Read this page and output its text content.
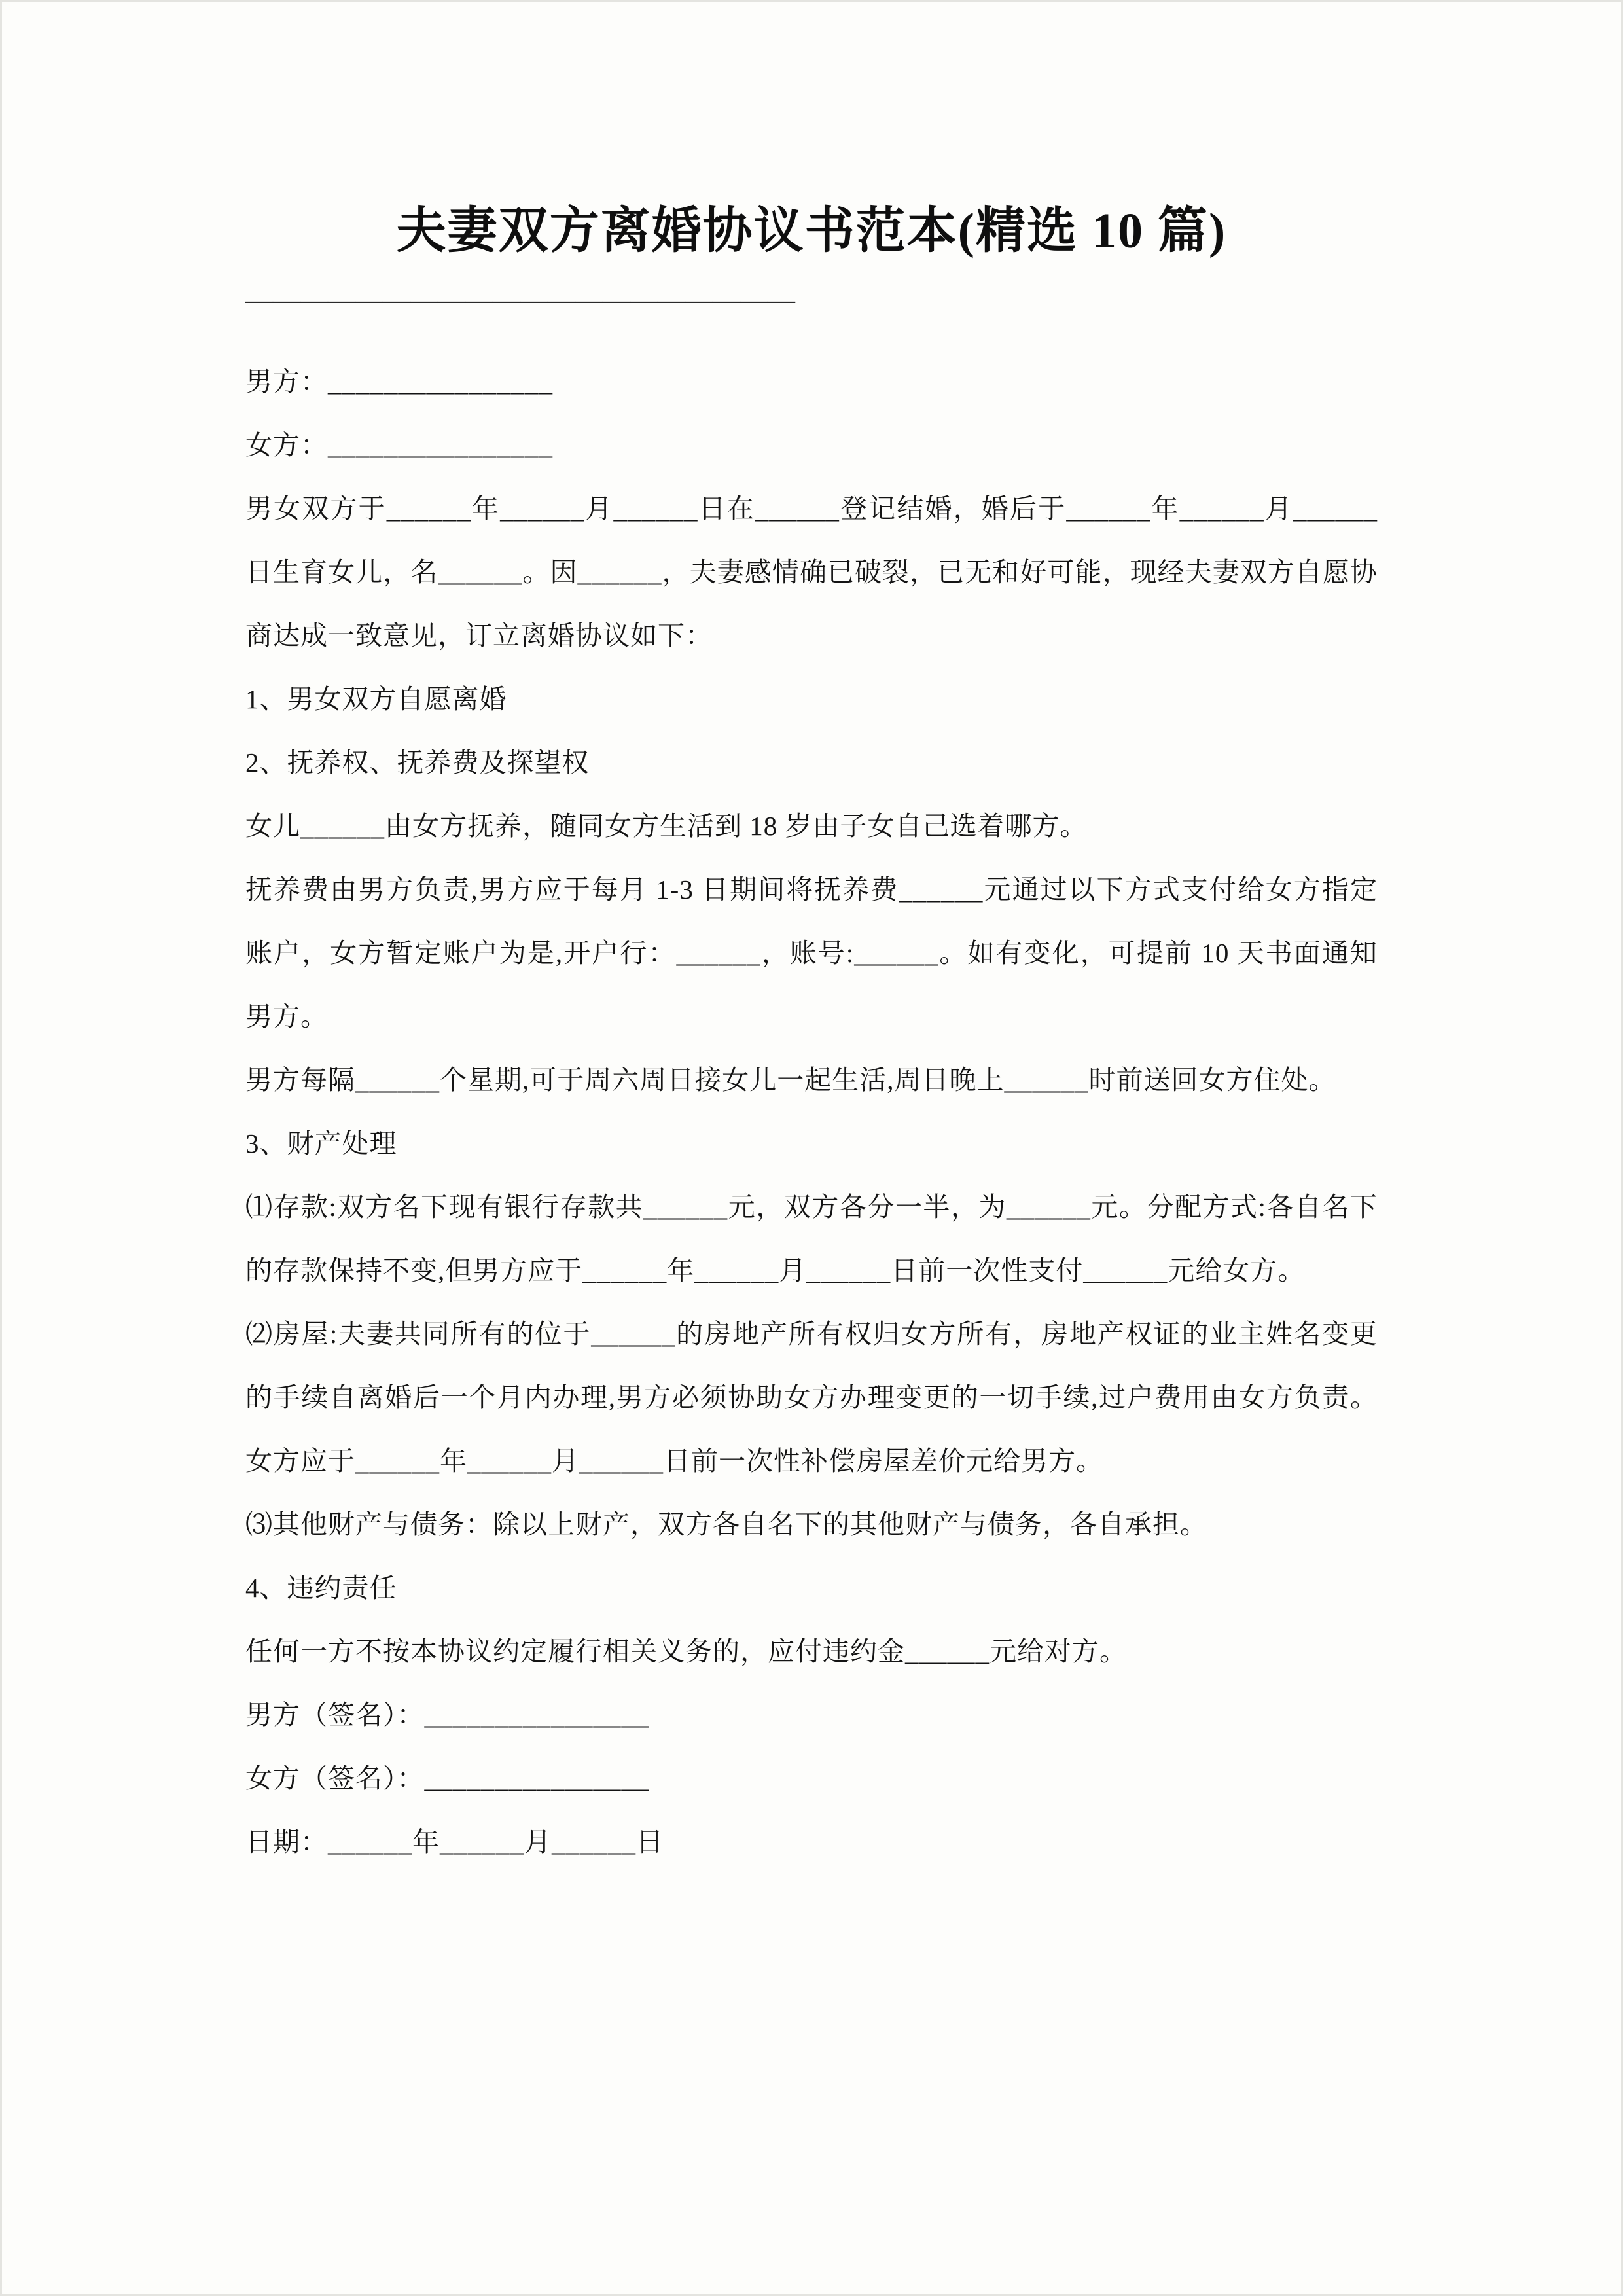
夫妻双方离婚协议书范本(精选 10 篇)
————————————————————

男方：________________

女方：________________

男女双方于______年______月______日在______登记结婚，婚后于______年______月______日生育女儿，名______。因______，夫妻感情确已破裂，已无和好可能，现经夫妻双方自愿协商达成一致意见，订立离婚协议如下：

1、男女双方自愿离婚

2、抚养权、抚养费及探望权

女儿______由女方抚养，随同女方生活到 18 岁由子女自己选着哪方。

抚养费由男方负责,男方应于每月 1-3 日期间将抚养费______元通过以下方式支付给女方指定账户，女方暂定账户为是,开户行：______，账号:______。如有变化，可提前 10 天书面通知男方。

男方每隔______个星期,可于周六周日接女儿一起生活,周日晚上______时前送回女方住处。

3、财产处理

⑴存款:双方名下现有银行存款共______元，双方各分一半，为______元。分配方式:各自名下的存款保持不变,但男方应于______年______月______日前一次性支付______元给女方。

⑵房屋:夫妻共同所有的位于______的房地产所有权归女方所有，房地产权证的业主姓名变更的手续自离婚后一个月内办理,男方必须协助女方办理变更的一切手续,过户费用由女方负责。女方应于______年______月______日前一次性补偿房屋差价元给男方。

⑶其他财产与债务：除以上财产，双方各自名下的其他财产与债务，各自承担。

4、违约责任

任何一方不按本协议约定履行相关义务的，应付违约金______元给对方。

男方（签名）：________________

女方（签名）：________________

日期：______年______月______日
